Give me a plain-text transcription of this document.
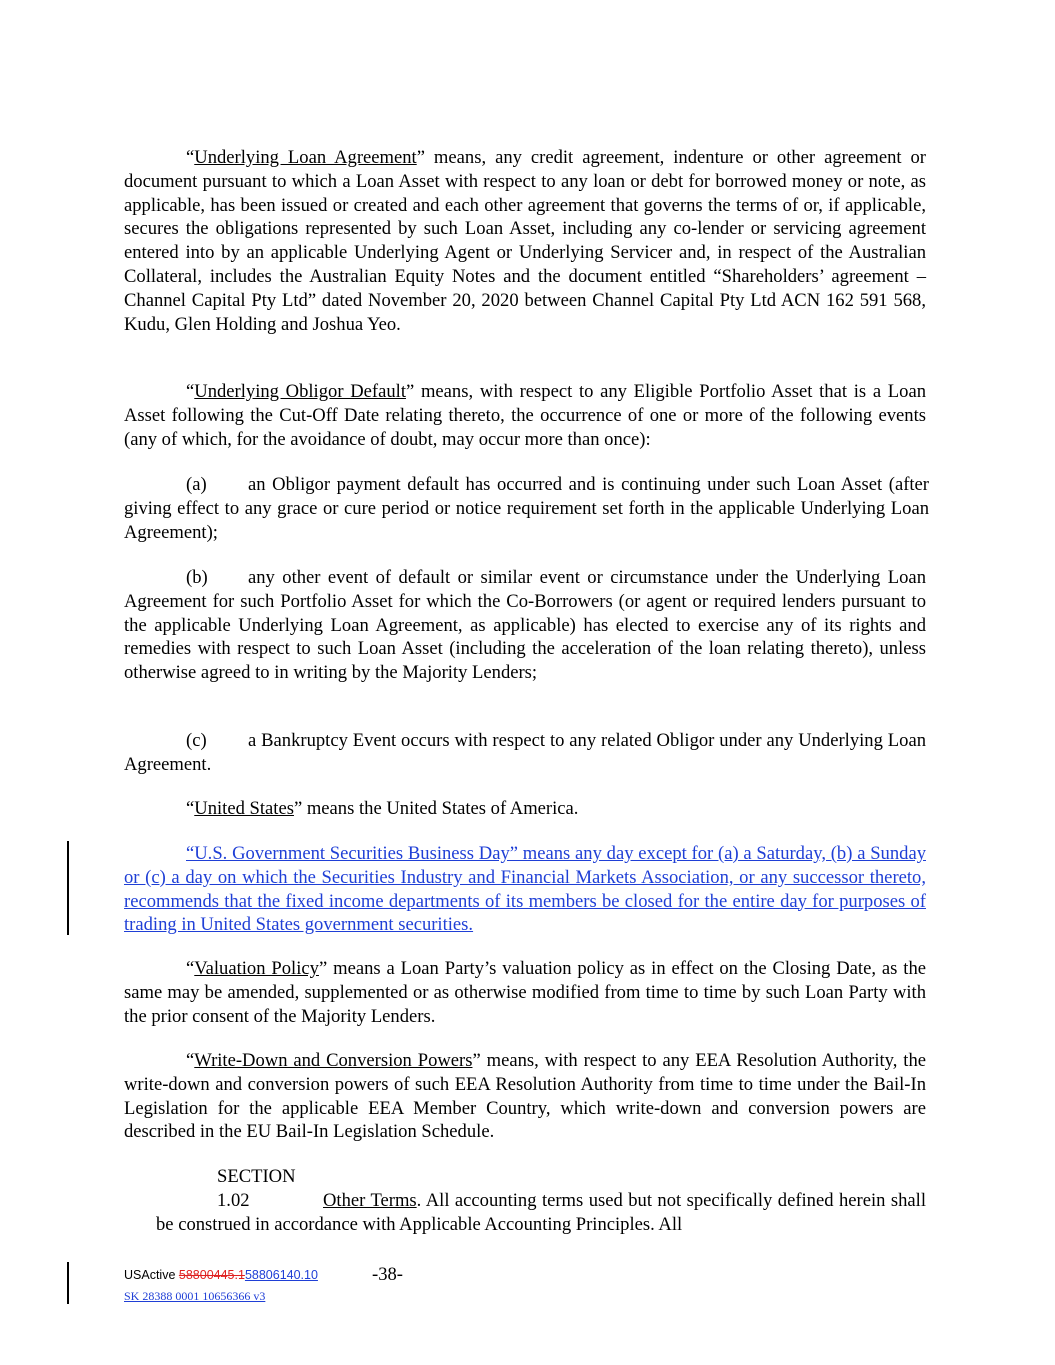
“Underlying Loan Agreement” means, any credit agreement, indenture or other agreement or document pursuant to which a Loan Asset with respect to any loan or debt for borrowed money or note, as applicable, has been issued or created and each other agreement that governs the terms of or, if applicable, secures the obligations represented by such Loan Asset, including any co-lender or servicing agreement entered into by an applicable Underlying Agent or Underlying Servicer and, in respect of the Australian Collateral, includes the Australian Equity Notes and the document entitled “Shareholders’ agreement – Channel Capital Pty Ltd” dated November 20, 2020 between Channel Capital Pty Ltd ACN 162 591 568, Kudu, Glen Holding and Joshua Yeo.

“Underlying Obligor Default” means, with respect to any Eligible Portfolio Asset that is a Loan Asset following the Cut-Off Date relating thereto, the occurrence of one or more of the following events (any of which, for the avoidance of doubt, may occur more than once):

(a) an Obligor payment default has occurred and is continuing under such Loan Asset (after giving effect to any grace or cure period or notice requirement set forth in the applicable Underlying Loan Agreement);

(b) any other event of default or similar event or circumstance under the Underlying Loan Agreement for such Portfolio Asset for which the Co-Borrowers (or agent or required lenders pursuant to the applicable Underlying Loan Agreement, as applicable) has elected to exercise any of its rights and remedies with respect to such Loan Asset (including the acceleration of the loan relating thereto), unless otherwise agreed to in writing by the Majority Lenders;

(c) a Bankruptcy Event occurs with respect to any related Obligor under any Underlying Loan Agreement.

“United States” means the United States of America.

“U.S. Government Securities Business Day” means any day except for (a) a Saturday, (b) a Sunday or (c) a day on which the Securities Industry and Financial Markets Association, or any successor thereto, recommends that the fixed income departments of its members be closed for the entire day for purposes of trading in United States government securities.

“Valuation Policy” means a Loan Party’s valuation policy as in effect on the Closing Date, as the same may be amended, supplemented or as otherwise modified from time to time by such Loan Party with the prior consent of the Majority Lenders.

“Write-Down and Conversion Powers” means, with respect to any EEA Resolution Authority, the write-down and conversion powers of such EEA Resolution Authority from time to time under the Bail-In Legislation for the applicable EEA Member Country, which write-down and conversion powers are described in the EU Bail-In Legislation Schedule.

SECTION 1.02	Other Terms. All accounting terms used but not specifically defined herein shall be construed in accordance with Applicable Accounting Principles. All

USActive 58800445.158806140.10	-38-
SK 28388 0001 10656366 v3
